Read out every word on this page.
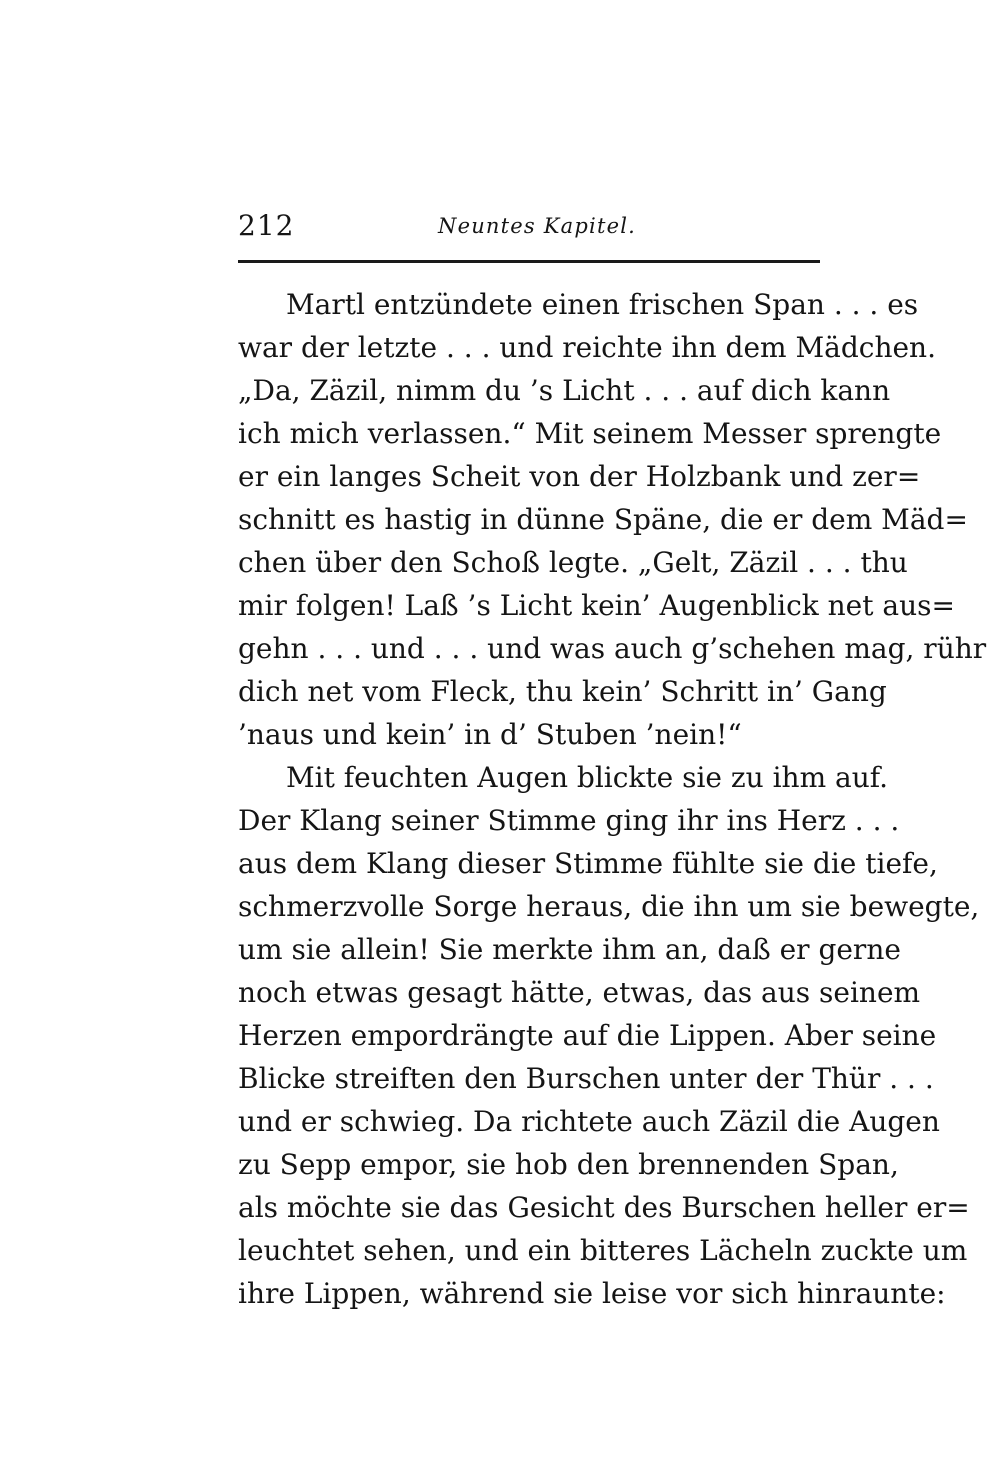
212	Neuntes Kapitel.
Martl entzündete einen frischen Span . . . es
war der letzte . . . und reichte ihn dem Mädchen.
„Da, Zäzil, nimm du ’s Licht . . . auf dich kann
ich mich verlassen.“ Mit seinem Messer sprengte
er ein langes Scheit von der Holzbank und zer=
schnitt es hastig in dünne Späne, die er dem Mäd=
chen über den Schoß legte. „Gelt, Zäzil . . . thu
mir folgen! Laß ’s Licht kein’ Augenblick net aus=
gehn . . . und . . . und was auch g’schehen mag, rühr
dich net vom Fleck, thu kein’ Schritt in’ Gang
’naus und kein’ in d’ Stuben ’nein!“
Mit feuchten Augen blickte sie zu ihm auf.
Der Klang seiner Stimme ging ihr ins Herz . . .
aus dem Klang dieser Stimme fühlte sie die tiefe,
schmerzvolle Sorge heraus, die ihn um sie bewegte,
um sie allein! Sie merkte ihm an, daß er gerne
noch etwas gesagt hätte, etwas, das aus seinem
Herzen empordrängte auf die Lippen. Aber seine
Blicke streiften den Burschen unter der Thür . . .
und er schwieg. Da richtete auch Zäzil die Augen
zu Sepp empor, sie hob den brennenden Span,
als möchte sie das Gesicht des Burschen heller er=
leuchtet sehen, und ein bitteres Lächeln zuckte um
ihre Lippen, während sie leise vor sich hinraunte:
